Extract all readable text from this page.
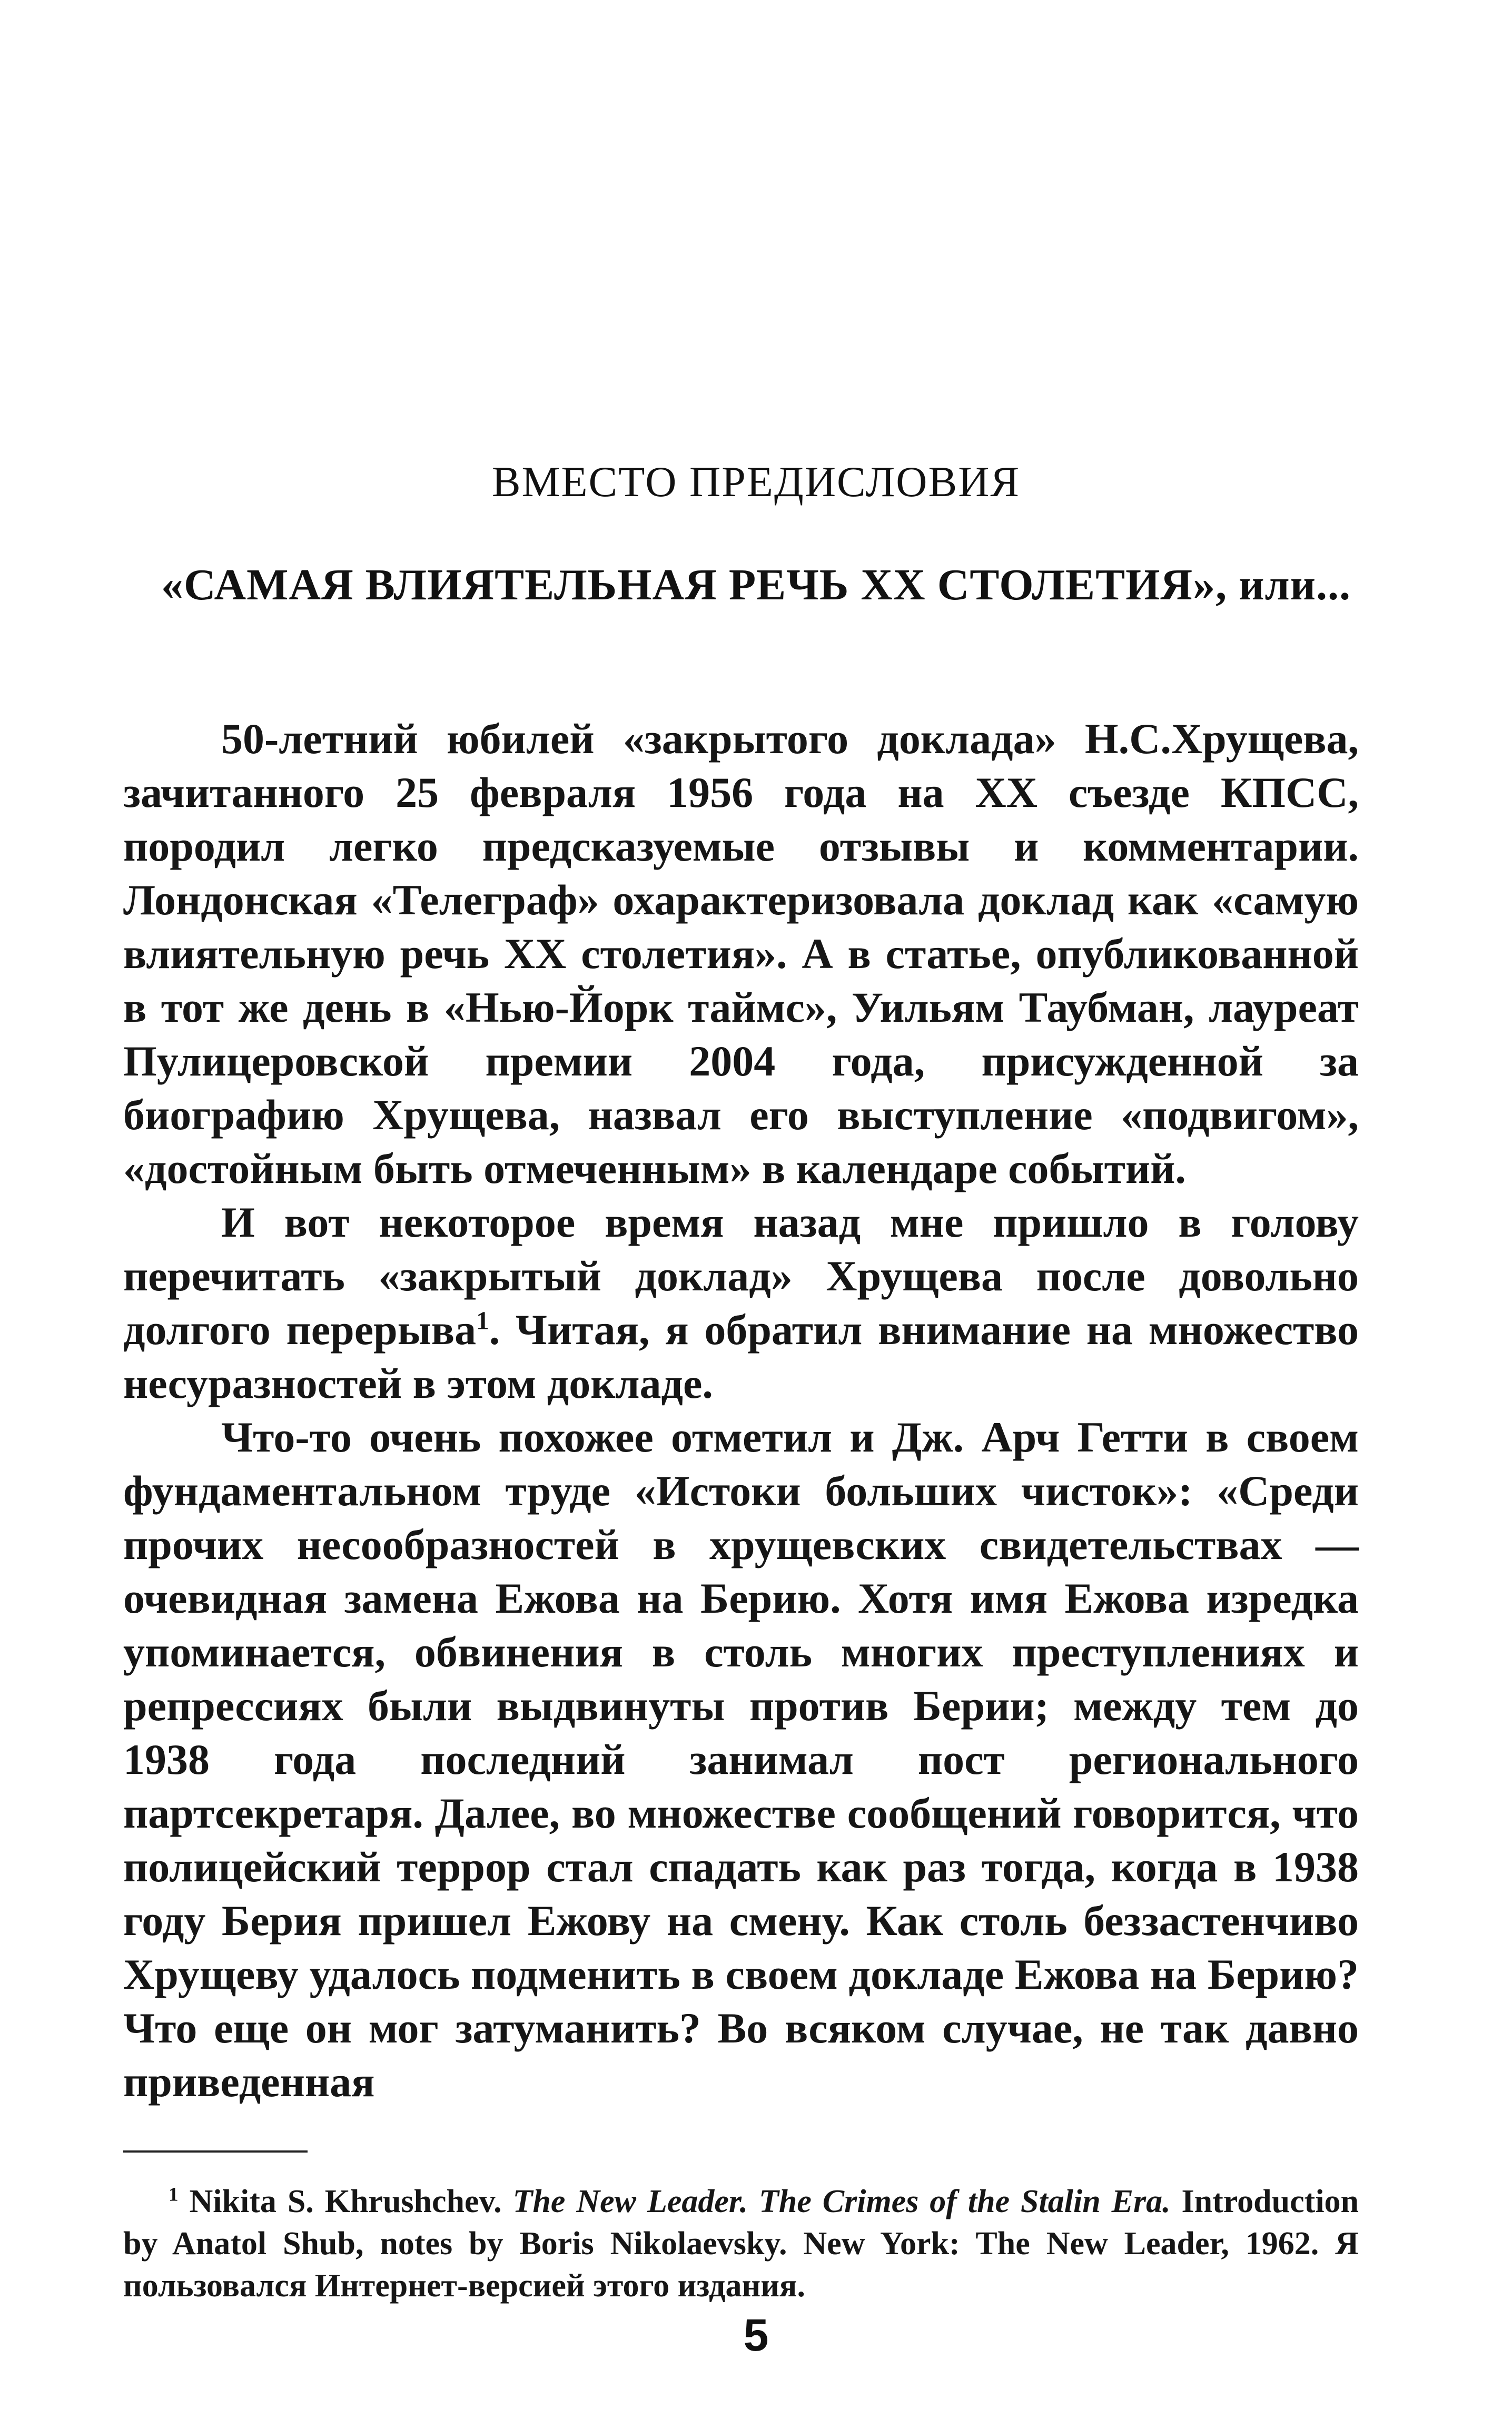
ВМЕСТО ПРЕДИСЛОВИЯ
«САМАЯ ВЛИЯТЕЛЬНАЯ РЕЧЬ XX СТОЛЕТИЯ», или...

50-летний юбилей «закрытого доклада» Н.С.Хрущева, зачитанного 25 февраля 1956 года на XX съезде КПСС, породил легко предсказуемые отзывы и комментарии. Лондонская «Телеграф» охарактеризовала доклад как «самую влиятельную речь XX столетия». А в статье, опубликованной в тот же день в «Нью-Йорк таймс», Уильям Таубман, лауреат Пулицеровской премии 2004 года, присужденной за биографию Хрущева, назвал его выступление «подвигом», «достойным быть отмеченным» в календаре событий.

И вот некоторое время назад мне пришло в голову перечитать «закрытый доклад» Хрущева после довольно долгого перерыва$^1$. Читая, я обратил внимание на множество несуразностей в этом докладе.

Что-то очень похожее отметил и Дж. Арч Гетти в своем фундаментальном труде «Истоки больших чисток»: «Среди прочих несообразностей в хрущевских свидетельствах — очевидная замена Ежова на Берию. Хотя имя Ежова изредка упоминается, обвинения в столь многих преступлениях и репрессиях были выдвинуты против Берии; между тем до 1938 года последний занимал пост регионального партсекретаря. Далее, во множестве сообщений говорится, что полицейский террор стал спадать как раз тогда, когда в 1938 году Берия пришел Ежову на смену. Как столь беззастенчиво Хрущеву удалось подменить в своем докладе Ежова на Берию? Что еще он мог затуманить? Во всяком случае, не так давно приведенная

$^1$ Nikita S. Khrushchev. The New Leader. The Crimes of the Stalin Era. Introduction by Anatol Shub, notes by Boris Nikolaevsky. New York: The New Leader, 1962. Я пользовался Интернет-версией этого издания.

5
